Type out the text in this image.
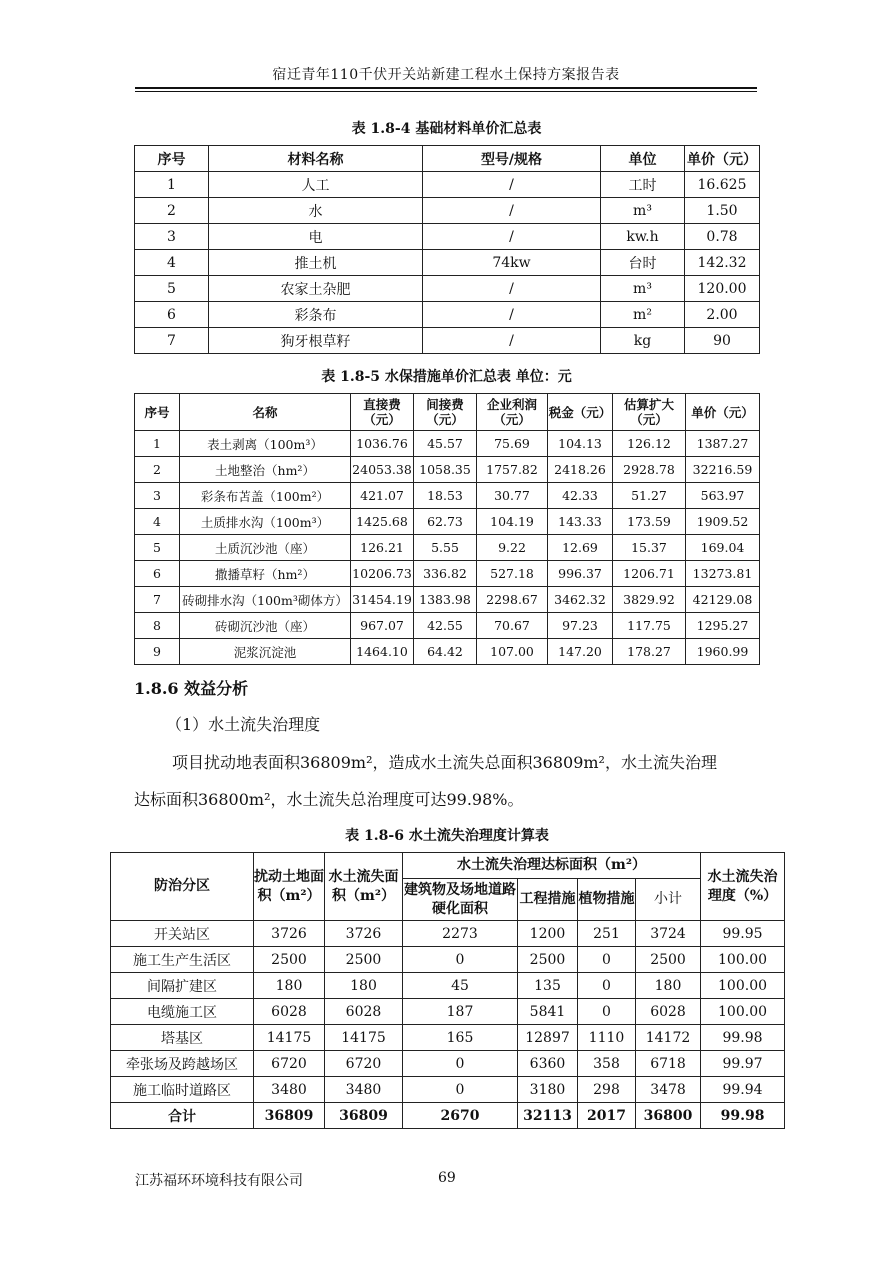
宿迁青年110千伏开关站新建工程水土保持方案报告表
表 1.8-4 基础材料单价汇总表
序号	材料名称	型号/规格	单位	单价（元）
1	人工	/	工时	16.625
2	水	/	m³	1.50
3	电	/	kw.h	0.78
4	推土机	74kw	台时	142.32
5	农家土杂肥	/	m³	120.00
6	彩条布	/	m²	2.00
7	狗牙根草籽	/	kg	90
表 1.8-5 水保措施单价汇总表 单位：元
序号	名称	直接费（元）	间接费（元）	企业利润（元）	税金（元）	估算扩大（元）	单价（元）
1	表土剥离（100m³）	1036.76	45.57	75.69	104.13	126.12	1387.27
2	土地整治（hm²）	24053.38	1058.35	1757.82	2418.26	2928.78	32216.59
3	彩条布苫盖（100m²）	421.07	18.53	30.77	42.33	51.27	563.97
4	土质排水沟（100m³）	1425.68	62.73	104.19	143.33	173.59	1909.52
5	土质沉沙池（座）	126.21	5.55	9.22	12.69	15.37	169.04
6	撒播草籽（hm²）	10206.73	336.82	527.18	996.37	1206.71	13273.81
7	砖砌排水沟（100m³砌体方）	31454.19	1383.98	2298.67	3462.32	3829.92	42129.08
8	砖砌沉沙池（座）	967.07	42.55	70.67	97.23	117.75	1295.27
9	泥浆沉淀池	1464.10	64.42	107.00	147.20	178.27	1960.99
1.8.6 效益分析
（1）水土流失治理度
项目扰动地表面积36809m²，造成水土流失总面积36809m²，水土流失治理
达标面积36800m²，水土流失总治理度可达99.98%。
表 1.8-6 水土流失治理度计算表
防治分区	扰动土地面积（m²）	水土流失面积（m²）	水土流失治理达标面积（m²）				水土流失治理度（%）
			建筑物及场地道路硬化面积	工程措施	植物措施	小计	
开关站区	3726	3726	2273	1200	251	3724	99.95
施工生产生活区	2500	2500	0	2500	0	2500	100.00
间隔扩建区	180	180	45	135	0	180	100.00
电缆施工区	6028	6028	187	5841	0	6028	100.00
塔基区	14175	14175	165	12897	1110	14172	99.98
牵张场及跨越场区	6720	6720	0	6360	358	6718	99.97
施工临时道路区	3480	3480	0	3180	298	3478	99.94
合计	36809	36809	2670	32113	2017	36800	99.98
江苏福环环境科技有限公司	69
